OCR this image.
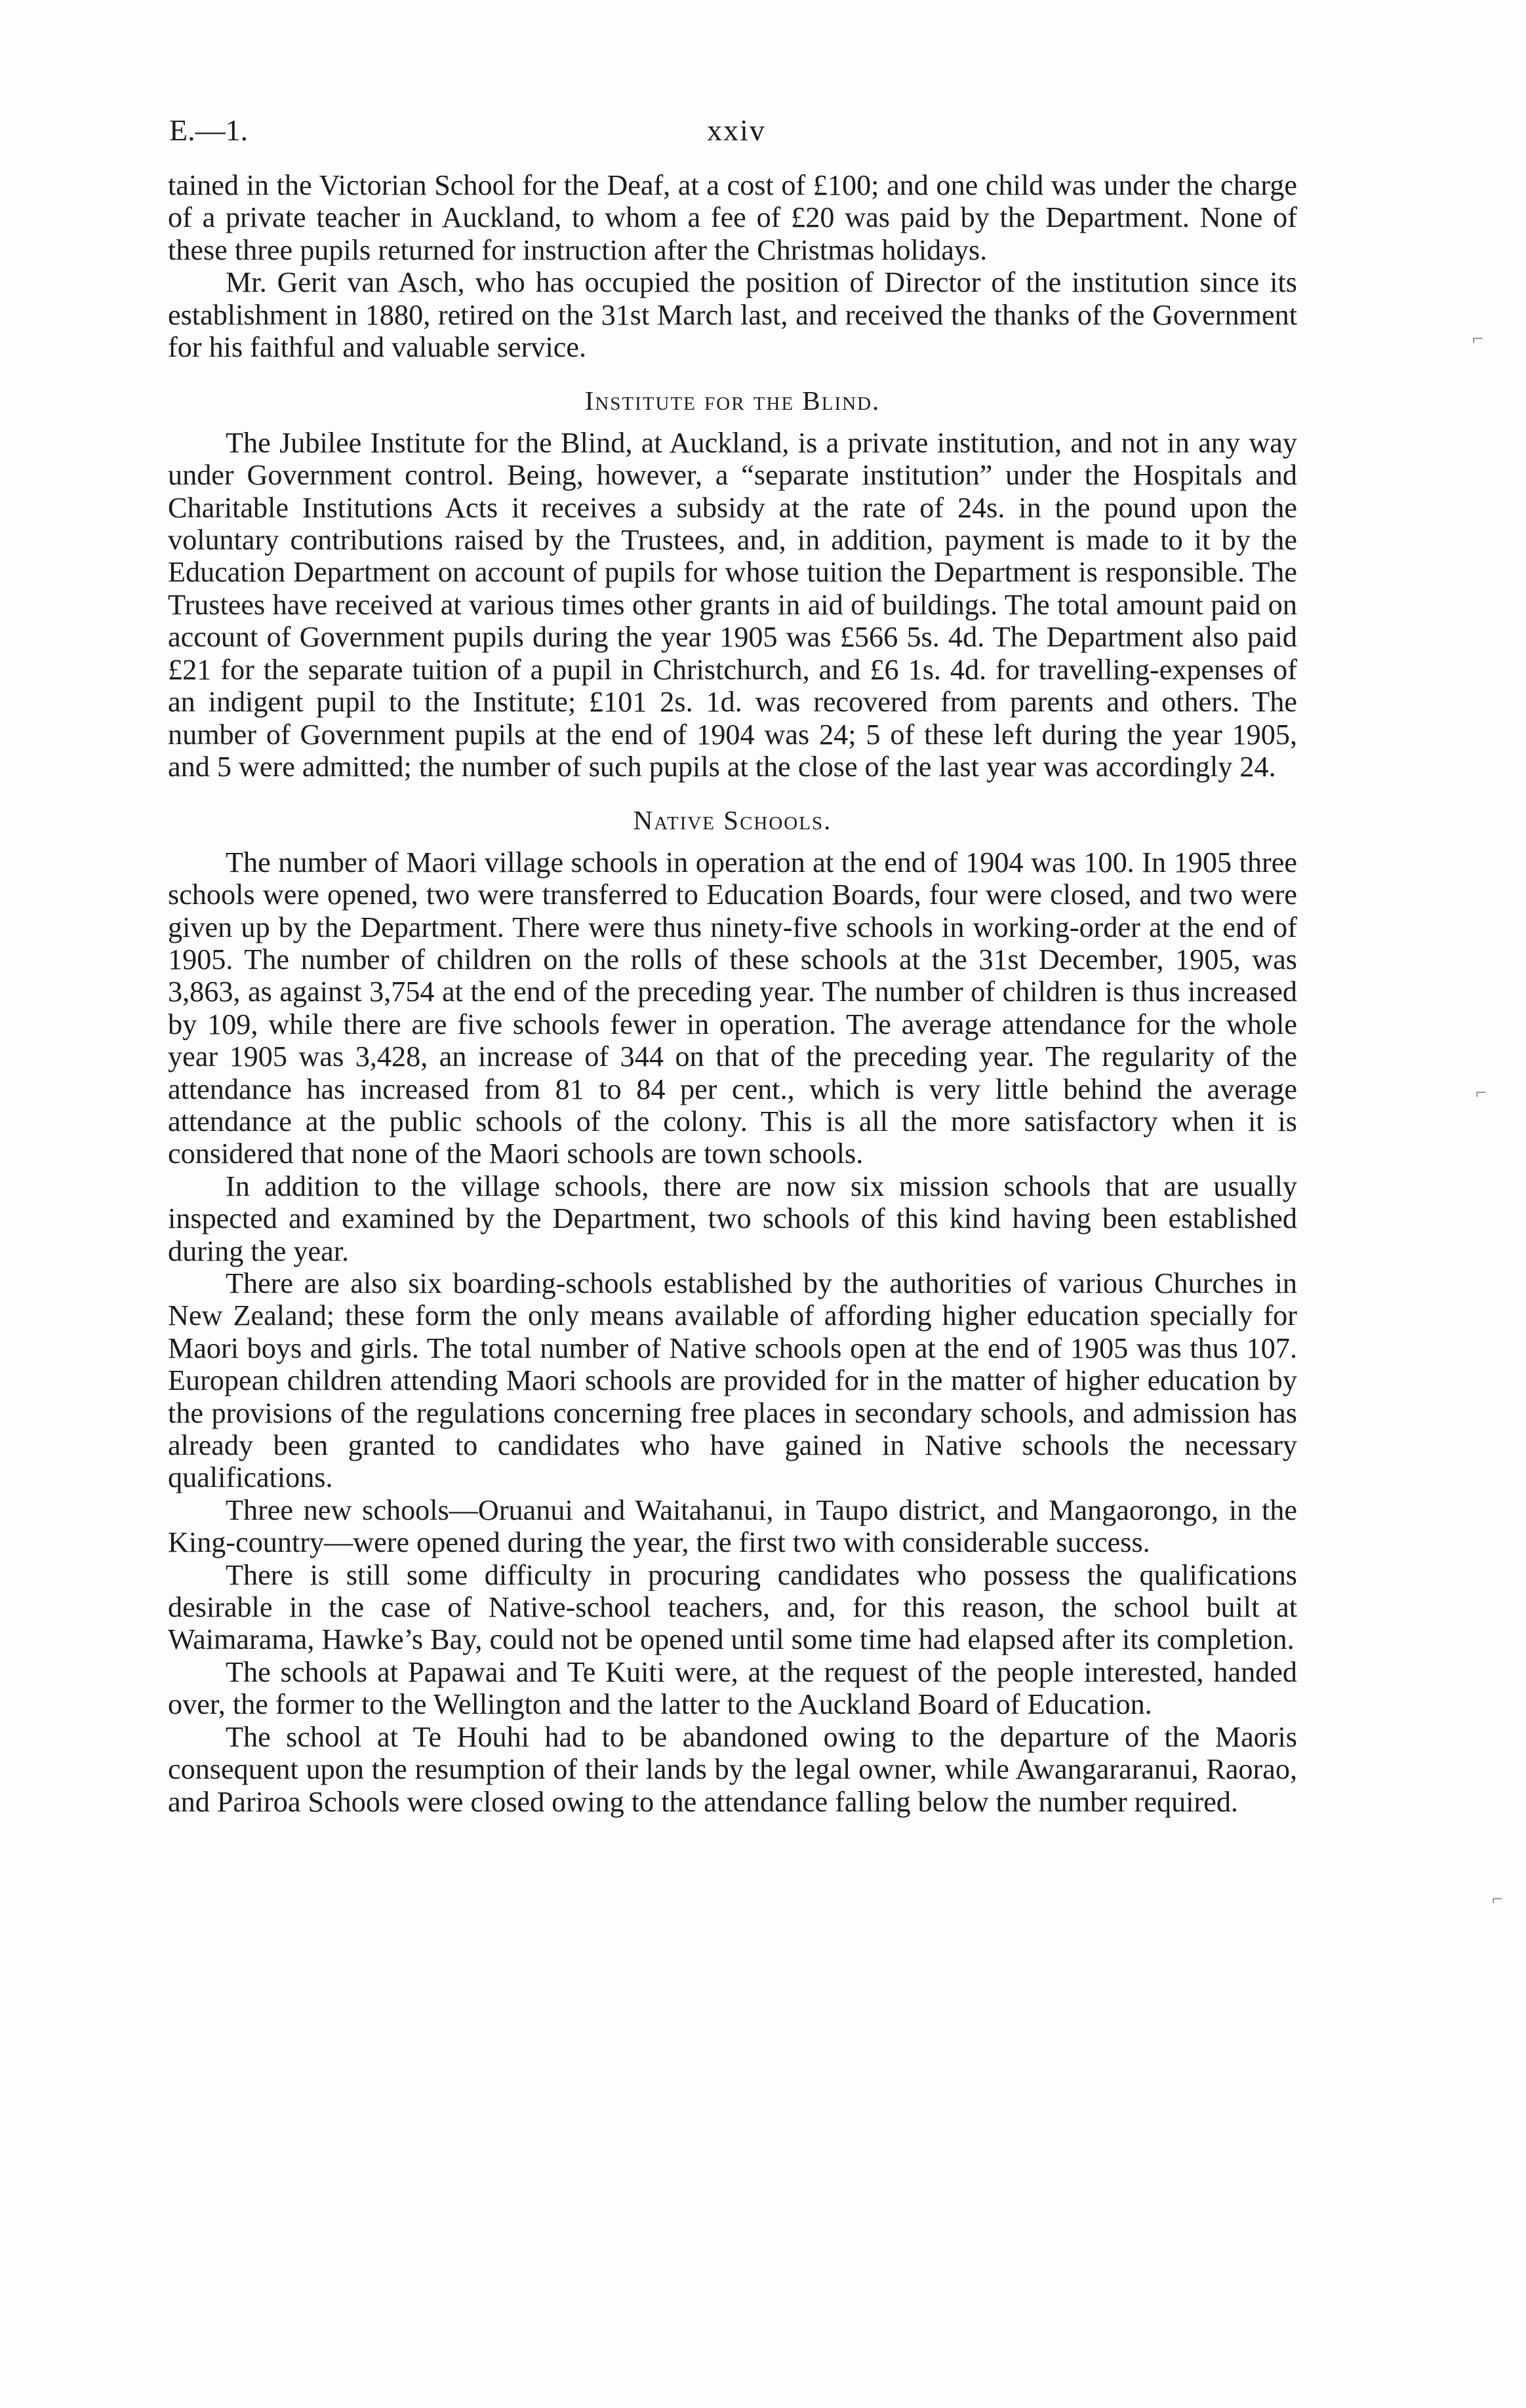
E.—1.	xxiv

tained in the Victorian School for the Deaf, at a cost of £100; and one child was under the charge of a private teacher in Auckland, to whom a fee of £20 was paid by the Department. None of these three pupils returned for instruction after the Christmas holidays.

Mr. Gerit van Asch, who has occupied the position of Director of the institution since its establishment in 1880, retired on the 31st March last, and received the thanks of the Government for his faithful and valuable service.

Institute for the Blind.

The Jubilee Institute for the Blind, at Auckland, is a private institution, and not in any way under Government control. Being, however, a “separate institution” under the Hospitals and Charitable Institutions Acts it receives a subsidy at the rate of 24s. in the pound upon the voluntary contributions raised by the Trustees, and, in addition, payment is made to it by the Education Department on account of pupils for whose tuition the Department is responsible. The Trustees have received at various times other grants in aid of buildings. The total amount paid on account of Government pupils during the year 1905 was £566 5s. 4d. The Department also paid £21 for the separate tuition of a pupil in Christchurch, and £6 1s. 4d. for travelling-expenses of an indigent pupil to the Institute; £101 2s. 1d. was recovered from parents and others. The number of Government pupils at the end of 1904 was 24; 5 of these left during the year 1905, and 5 were admitted; the number of such pupils at the close of the last year was accordingly 24.

Native Schools.

The number of Maori village schools in operation at the end of 1904 was 100. In 1905 three schools were opened, two were transferred to Education Boards, four were closed, and two were given up by the Department. There were thus ninety-five schools in working-order at the end of 1905. The number of children on the rolls of these schools at the 31st December, 1905, was 3,863, as against 3,754 at the end of the preceding year. The number of children is thus increased by 109, while there are five schools fewer in operation. The average attendance for the whole year 1905 was 3,428, an increase of 344 on that of the preceding year. The regularity of the attendance has increased from 81 to 84 per cent., which is very little behind the average attendance at the public schools of the colony. This is all the more satisfactory when it is considered that none of the Maori schools are town schools.

In addition to the village schools, there are now six mission schools that are usually inspected and examined by the Department, two schools of this kind having been established during the year.

There are also six boarding-schools established by the authorities of various Churches in New Zealand; these form the only means available of affording higher education specially for Maori boys and girls. The total number of Native schools open at the end of 1905 was thus 107. European children attending Maori schools are provided for in the matter of higher education by the provisions of the regulations concerning free places in secondary schools, and admission has already been granted to candidates who have gained in Native schools the necessary qualifications.

Three new schools—Oruanui and Waitahanui, in Taupo district, and Mangaorongo, in the King-country—were opened during the year, the first two with considerable success.

There is still some difficulty in procuring candidates who possess the qualifications desirable in the case of Native-school teachers, and, for this reason, the school built at Waimarama, Hawke’s Bay, could not be opened until some time had elapsed after its completion.

The schools at Papawai and Te Kuiti were, at the request of the people interested, handed over, the former to the Wellington and the latter to the Auckland Board of Education.

The school at Te Houhi had to be abandoned owing to the departure of the Maoris consequent upon the resumption of their lands by the legal owner, while Awangararanui, Raorao, and Pariroa Schools were closed owing to the attendance falling below the number required.

⌐
⌐
⌐
